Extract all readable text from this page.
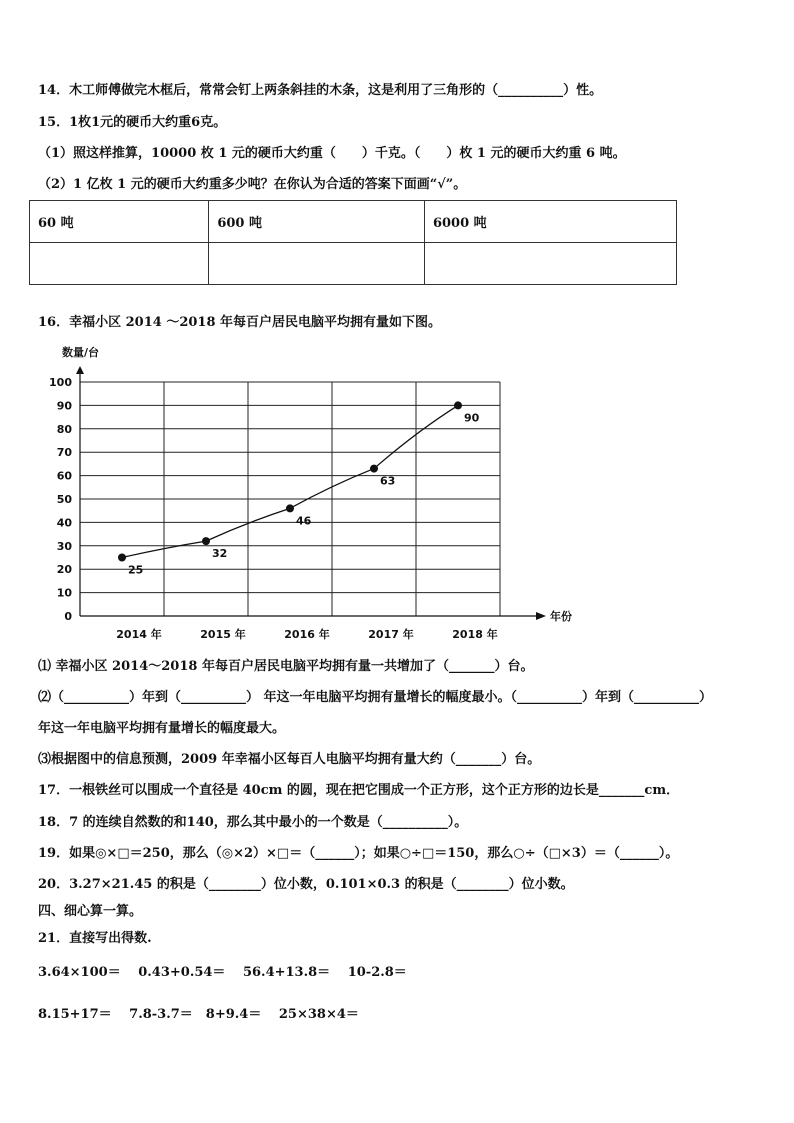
14．木工师傅做完木框后，常常会钉上两条斜挂的木条，这是利用了三角形的（__________）性。
15．1枚1元的硬币大约重6克。
（1）照这样推算，10000 枚 1 元的硬币大约重（　　）千克。（　　）枚 1 元的硬币大约重 6 吨。
（2）1 亿枚 1 元的硬币大约重多少吨？在你认为合适的答案下面画“√”。
60 吨	600 吨	6000 吨

16．幸福小区 2014 ～2018 年每百户居民电脑平均拥有量如下图。
0
10
20
30
40
50
60
70
80
90
100
2014 年	2015 年	2016 年	2017 年	2018 年
25
32
46
63
90
数量/台
年份
⑴ 幸福小区 2014～2018 年每百户居民电脑平均拥有量一共增加了（_______）台。
⑵（__________）年到（__________） 年这一年电脑平均拥有量增长的幅度最小。（__________）年到（__________）
年这一年电脑平均拥有量增长的幅度最大。
⑶根据图中的信息预测，2009 年幸福小区每百人电脑平均拥有量大约（_______）台。
17．一根铁丝可以围成一个直径是 40cm 的圆，现在把它围成一个正方形，这个正方形的边长是_______cm．
18．7 的连续自然数的和140，那么其中最小的一个数是（__________）。
19．如果◎×□＝250，那么（◎×2）×□＝（______）；如果○÷□＝150，那么○÷（□×3）＝（______）。
20．3.27×21.45 的积是（________）位小数，0.101×0.3 的积是（________）位小数。
四、细心算一算。
21．直接写出得数.
3.64×100＝　 0.43+0.54＝　 56.4+13.8＝　 10-2.8＝
8.15+17＝　 7.8-3.7＝　8+9.4＝　 25×38×4＝
